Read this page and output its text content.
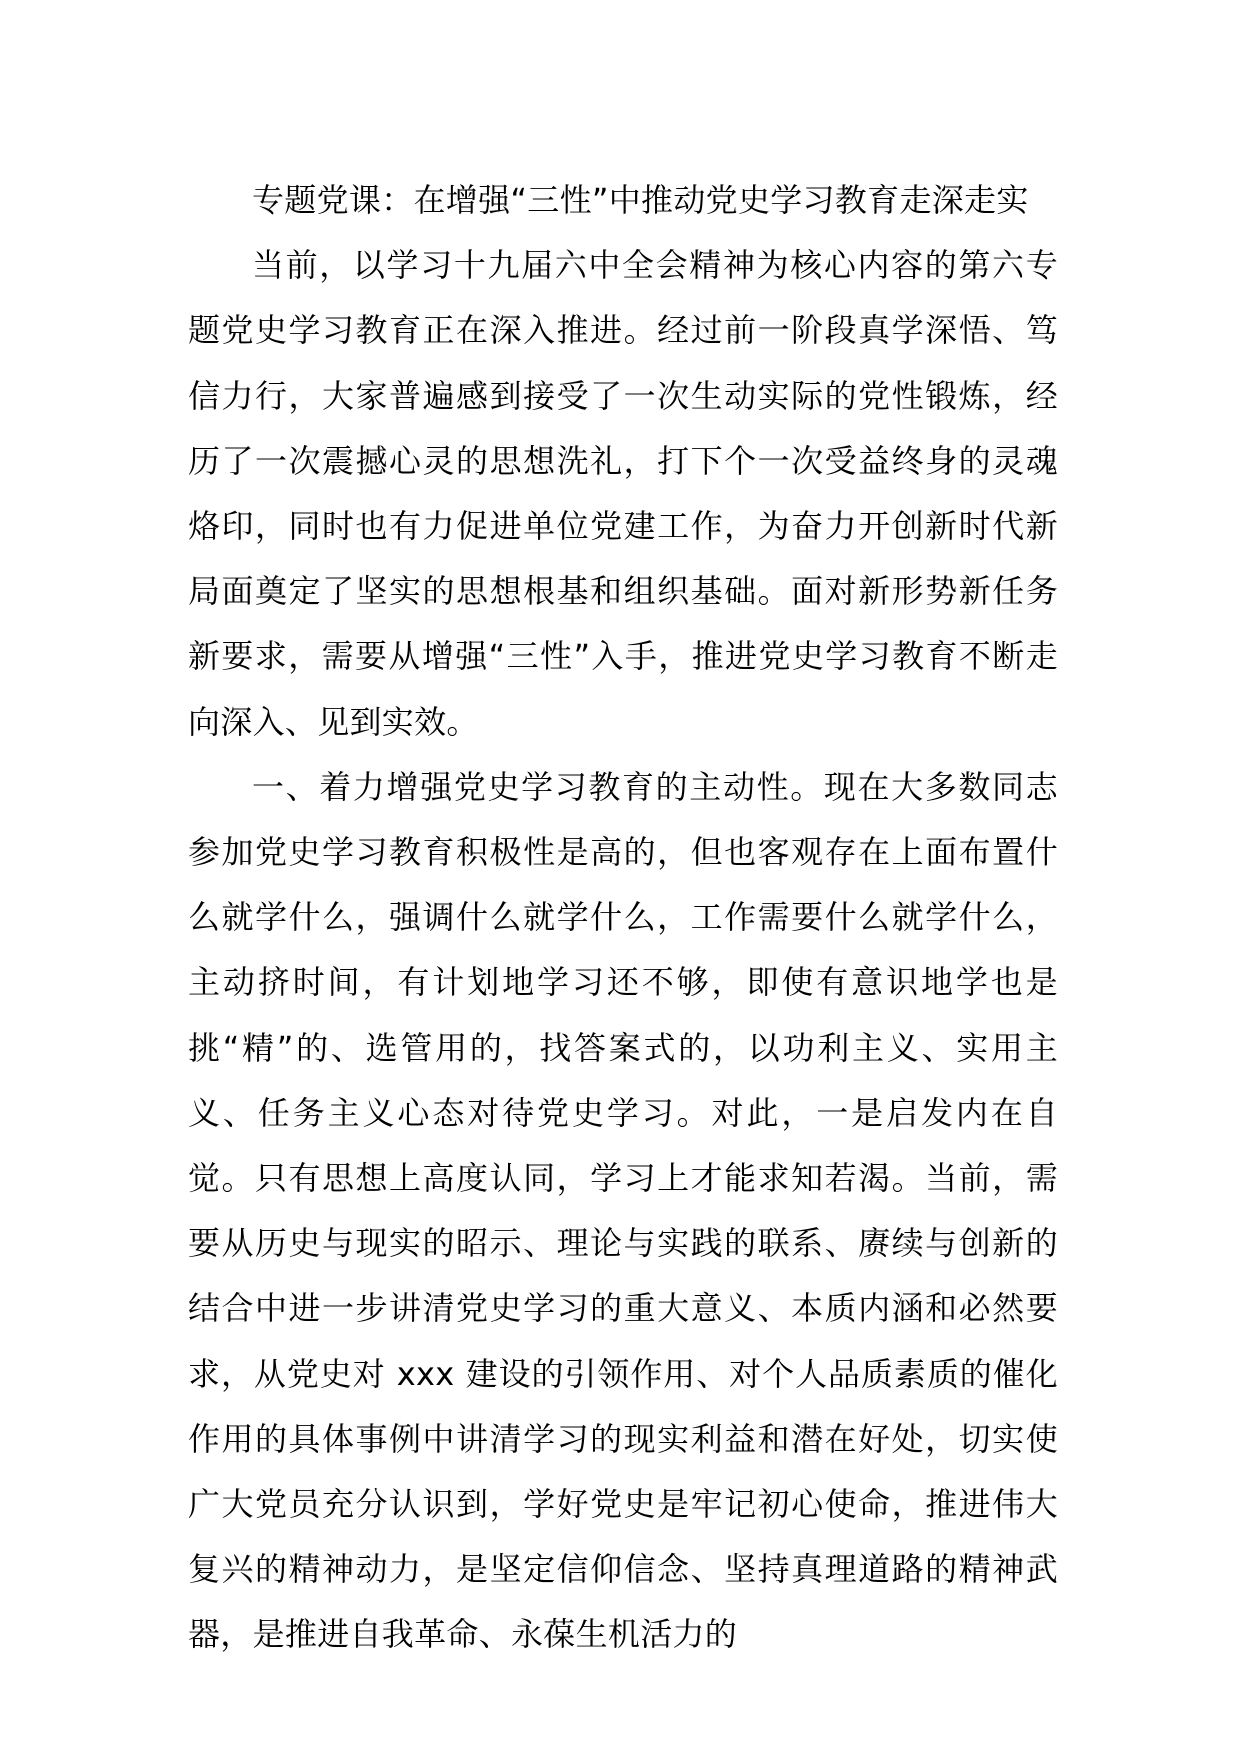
专题党课：在增强“三性”中推动党史学习教育走深走实

当前，以学习十九届六中全会精神为核心内容的第六专题党史学习教育正在深入推进。经过前一阶段真学深悟、笃信力行，大家普遍感到接受了一次生动实际的党性锻炼，经历了一次震撼心灵的思想洗礼，打下个一次受益终身的灵魂烙印，同时也有力促进单位党建工作，为奋力开创新时代新局面奠定了坚实的思想根基和组织基础。面对新形势新任务新要求，需要从增强“三性”入手，推进党史学习教育不断走向深入、见到实效。

一、着力增强党史学习教育的主动性。现在大多数同志参加党史学习教育积极性是高的，但也客观存在上面布置什么就学什么，强调什么就学什么，工作需要什么就学什么，主动挤时间，有计划地学习还不够，即使有意识地学也是挑“精”的、选管用的，找答案式的，以功利主义、实用主义、任务主义心态对待党史学习。对此，一是启发内在自觉。只有思想上高度认同，学习上才能求知若渴。当前，需要从历史与现实的昭示、理论与实践的联系、赓续与创新的结合中进一步讲清党史学习的重大意义、本质内涵和必然要求，从党史对 xxx 建设的引领作用、对个人品质素质的催化作用的具体事例中讲清学习的现实利益和潜在好处，切实使广大党员充分认识到，学好党史是牢记初心使命，推进伟大复兴的精神动力，是坚定信仰信念、坚持真理道路的精神武器，是推进自我革命、永葆生机活力的
